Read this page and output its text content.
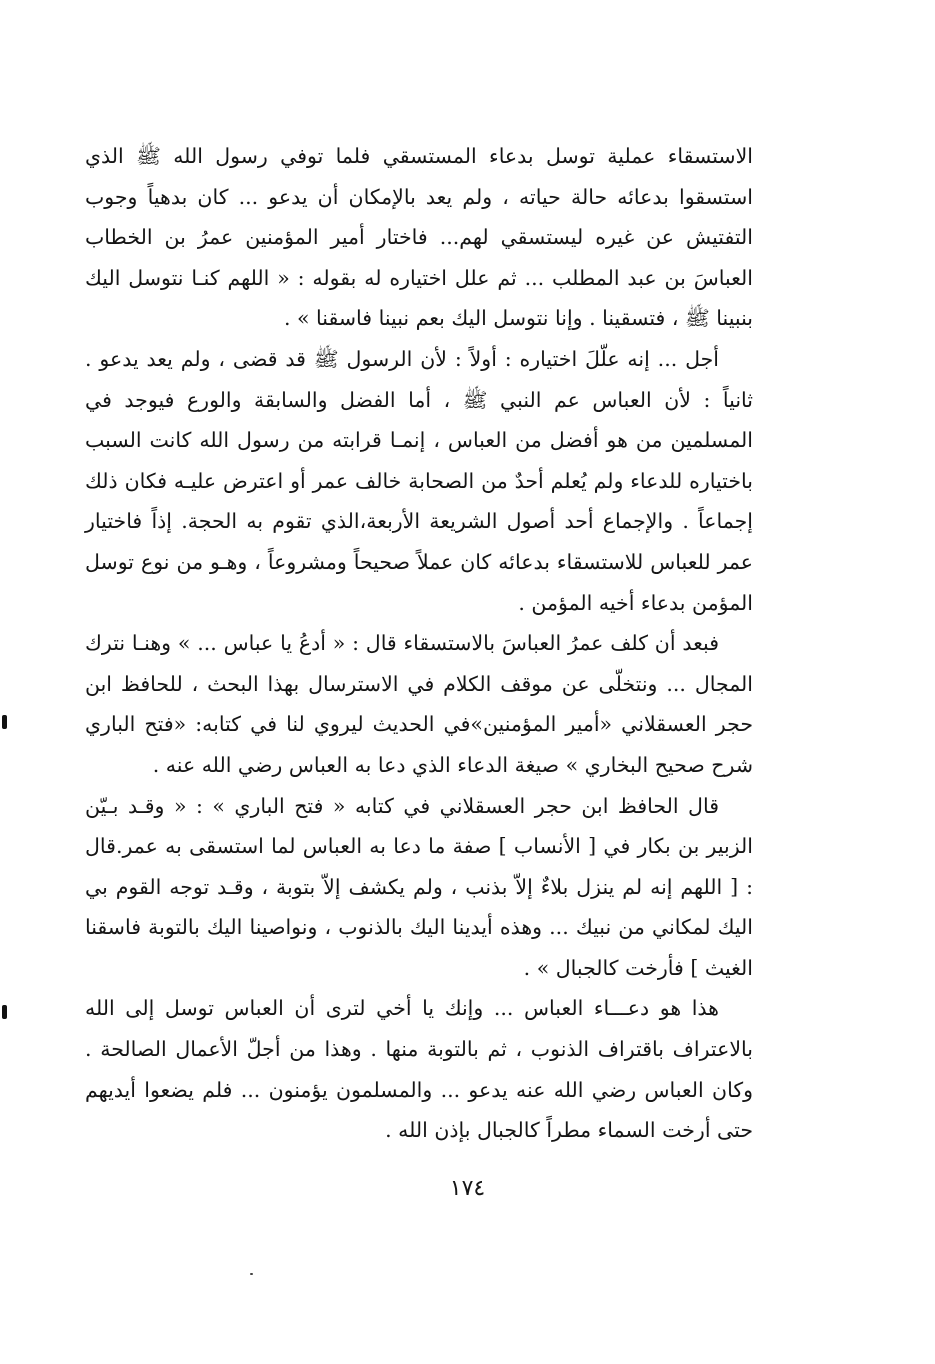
الاستسقاء عملية توسل بدعاء المستسقي فلما توفي رسول الله ﷺ الذي استسقوا بدعائه حالة حياته ، ولم يعد بالإمكان أن يدعو ... كان بدهياً وجوب التفتيش عن غيره ليستسقي لهم... فاختار أمير المؤمنين عمرُ بن الخطاب العباسَ بن عبد المطلب ... ثم علل اختياره له بقوله : « اللهم كنـا نتوسل اليك بنبينا ﷺ ، فتسقينا . وإنا نتوسل اليك بعم نبينا فاسقنا » .

أجل ... إنه علّلَ اختياره : أولاً : لأن الرسول ﷺ قد قضى ، ولم يعد يدعو . ثانياً : لأن العباس عم النبي ﷺ ، أما الفضل والسابقة والورع فيوجد في المسلمين من هو أفضل من العباس ، إنمـا قرابته من رسول الله كانت السبب باختياره للدعاء ولم يُعلم أحدٌ من الصحابة خالف عمر أو اعترض عليـه فكان ذلك إجماعاً . والإجماع أحد أصول الشريعة الأربعة،الذي تقوم به الحجة. إذاً فاختيار عمر للعباس للاستسقاء بدعائه كان عملاً صحيحاً ومشروعاً ، وهـو من نوع توسل المؤمن بدعاء أخيه المؤمن .

فبعد أن كلف عمرُ العباسَ بالاستسقاء قال : « أدعُ يا عباس ... » وهنـا نترك المجال ... ونتخلّى عن موقف الكلام في الاسترسال بهذا البحث ، للحافظ ابن حجر العسقلاني «أمير المؤمنين»في الحديث ليروي لنا في كتابه: «فتح الباري شرح صحيح البخاري » صيغة الدعاء الذي دعا به العباس رضي الله عنه .

قال الحافظ ابن حجر العسقلاني في كتابه « فتح الباري » : « وقـد بـيّن الزبير بن بكار في [ الأنساب ] صفة ما دعا به العباس لما استسقى به عمر.قال : [ اللهم إنه لم ينزل بلاءٌ إلاّ بذنب ، ولم يكشف إلاّ بتوبة ، وقـد توجه القوم بي اليك لمكاني من نبيك ... وهذه أيدينا اليك بالذنوب ، ونواصينا اليك بالتوبة فاسقنا الغيث ] فأرخت كالجبال » .

هذا هو دعـــاء العباس ... وإنك يا أخي لترى أن العباس توسل إلى الله بالاعتراف باقتراف الذنوب ، ثم بالتوبة منها . وهذا من أجلّ الأعمال الصالحة . وكان العباس رضي الله عنه يدعو ... والمسلمون يؤمنون ... فلم يضعوا أيديهم حتى أرخت السماء مطراً كالجبال بإذن الله .

١٧٤
